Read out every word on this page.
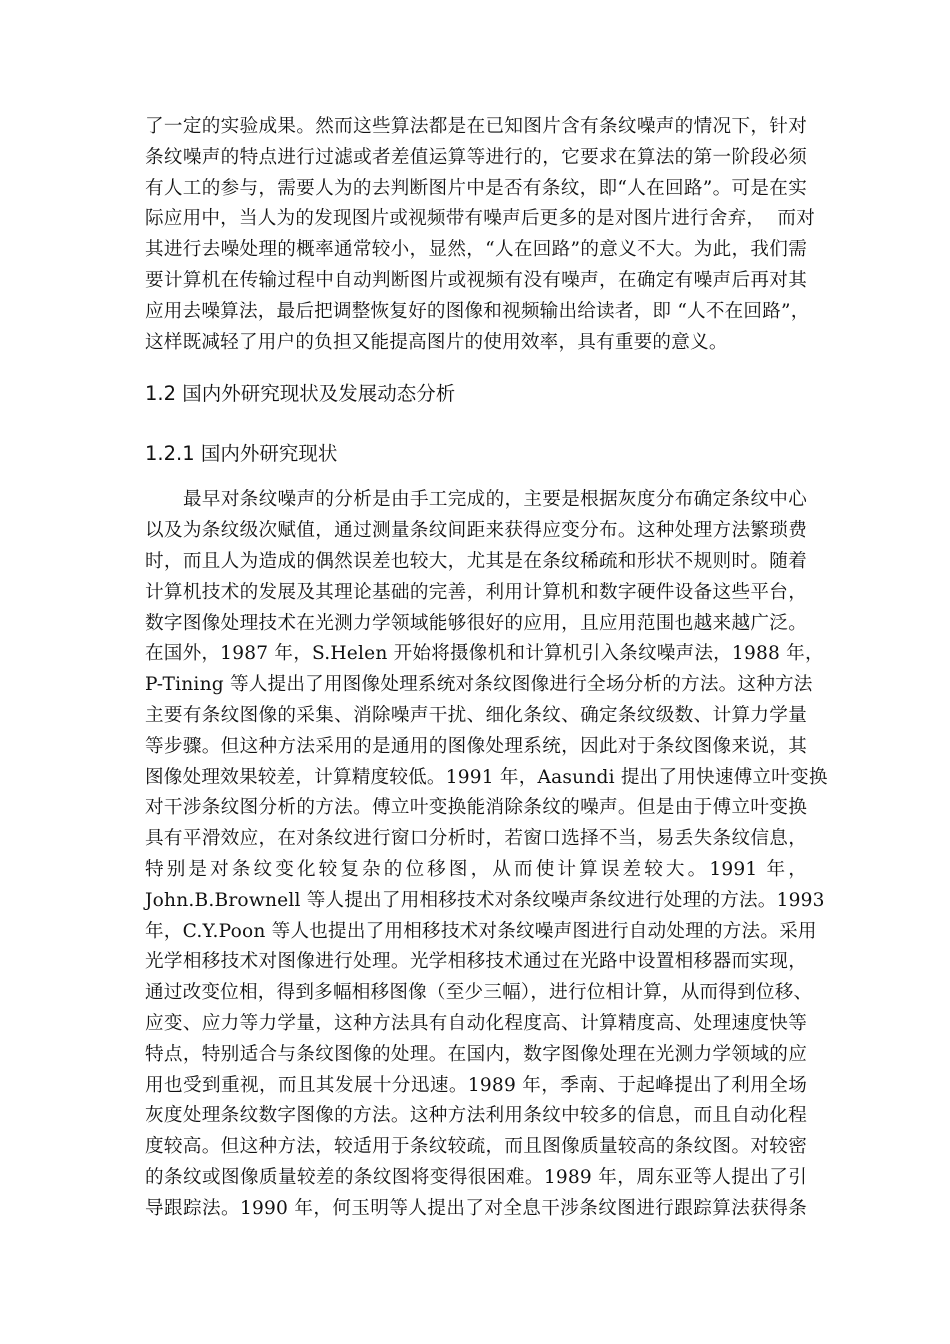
了一定的实验成果。然而这些算法都是在已知图片含有条纹噪声的情况下，针对
条纹噪声的特点进行过滤或者差值运算等进行的，它要求在算法的第一阶段必须
有人工的参与，需要人为的去判断图片中是否有条纹，即“人在回路”。可是在实
际应用中，当人为的发现图片或视频带有噪声后更多的是对图片进行舍弃，  而对
其进行去噪处理的概率通常较小，显然，“人在回路”的意义不大。为此，我们需
要计算机在传输过程中自动判断图片或视频有没有噪声，在确定有噪声后再对其
应用去噪算法，最后把调整恢复好的图像和视频输出给读者，即 “人不在回路”，
这样既减轻了用户的负担又能提高图片的使用效率，具有重要的意义。
1.2 国内外研究现状及发展动态分析
1.2.1 国内外研究现状
最早对条纹噪声的分析是由手工完成的，主要是根据灰度分布确定条纹中心
以及为条纹级次赋值，通过测量条纹间距来获得应变分布。这种处理方法繁琐费
时，而且人为造成的偶然误差也较大，尤其是在条纹稀疏和形状不规则时。随着
计算机技术的发展及其理论基础的完善，利用计算机和数字硬件设备这些平台，
数字图像处理技术在光测力学领域能够很好的应用，且应用范围也越来越广泛。
在国外，1987 年，S.Helen 开始将摄像机和计算机引入条纹噪声法，1988 年，
P-Tining 等人提出了用图像处理系统对条纹图像进行全场分析的方法。这种方法
主要有条纹图像的采集、消除噪声干扰、细化条纹、确定条纹级数、计算力学量
等步骤。但这种方法采用的是通用的图像处理系统，因此对于条纹图像来说，其
图像处理效果较差，计算精度较低。1991 年，Aasundi 提出了用快速傅立叶变换
对干涉条纹图分析的方法。傅立叶变换能消除条纹的噪声。但是由于傅立叶变换
具有平滑效应，在对条纹进行窗口分析时，若窗口选择不当，易丢失条纹信息，
特别是对条纹变化较复杂的位移图，从而使计算误差较大。1991 年，
John.B.Brownell 等人提出了用相移技术对条纹噪声条纹进行处理的方法。1993
年，C.Y.Poon 等人也提出了用相移技术对条纹噪声图进行自动处理的方法。采用
光学相移技术对图像进行处理。光学相移技术通过在光路中设置相移器而实现，
通过改变位相，得到多幅相移图像（至少三幅），进行位相计算，从而得到位移、
应变、应力等力学量，这种方法具有自动化程度高、计算精度高、处理速度快等
特点，特别适合与条纹图像的处理。在国内，数字图像处理在光测力学领域的应
用也受到重视，而且其发展十分迅速。1989 年，季南、于起峰提出了利用全场
灰度处理条纹数字图像的方法。这种方法利用条纹中较多的信息，而且自动化程
度较高。但这种方法，较适用于条纹较疏，而且图像质量较高的条纹图。对较密
的条纹或图像质量较差的条纹图将变得很困难。1989 年，周东亚等人提出了引
导跟踪法。1990 年，何玉明等人提出了对全息干涉条纹图进行跟踪算法获得条
